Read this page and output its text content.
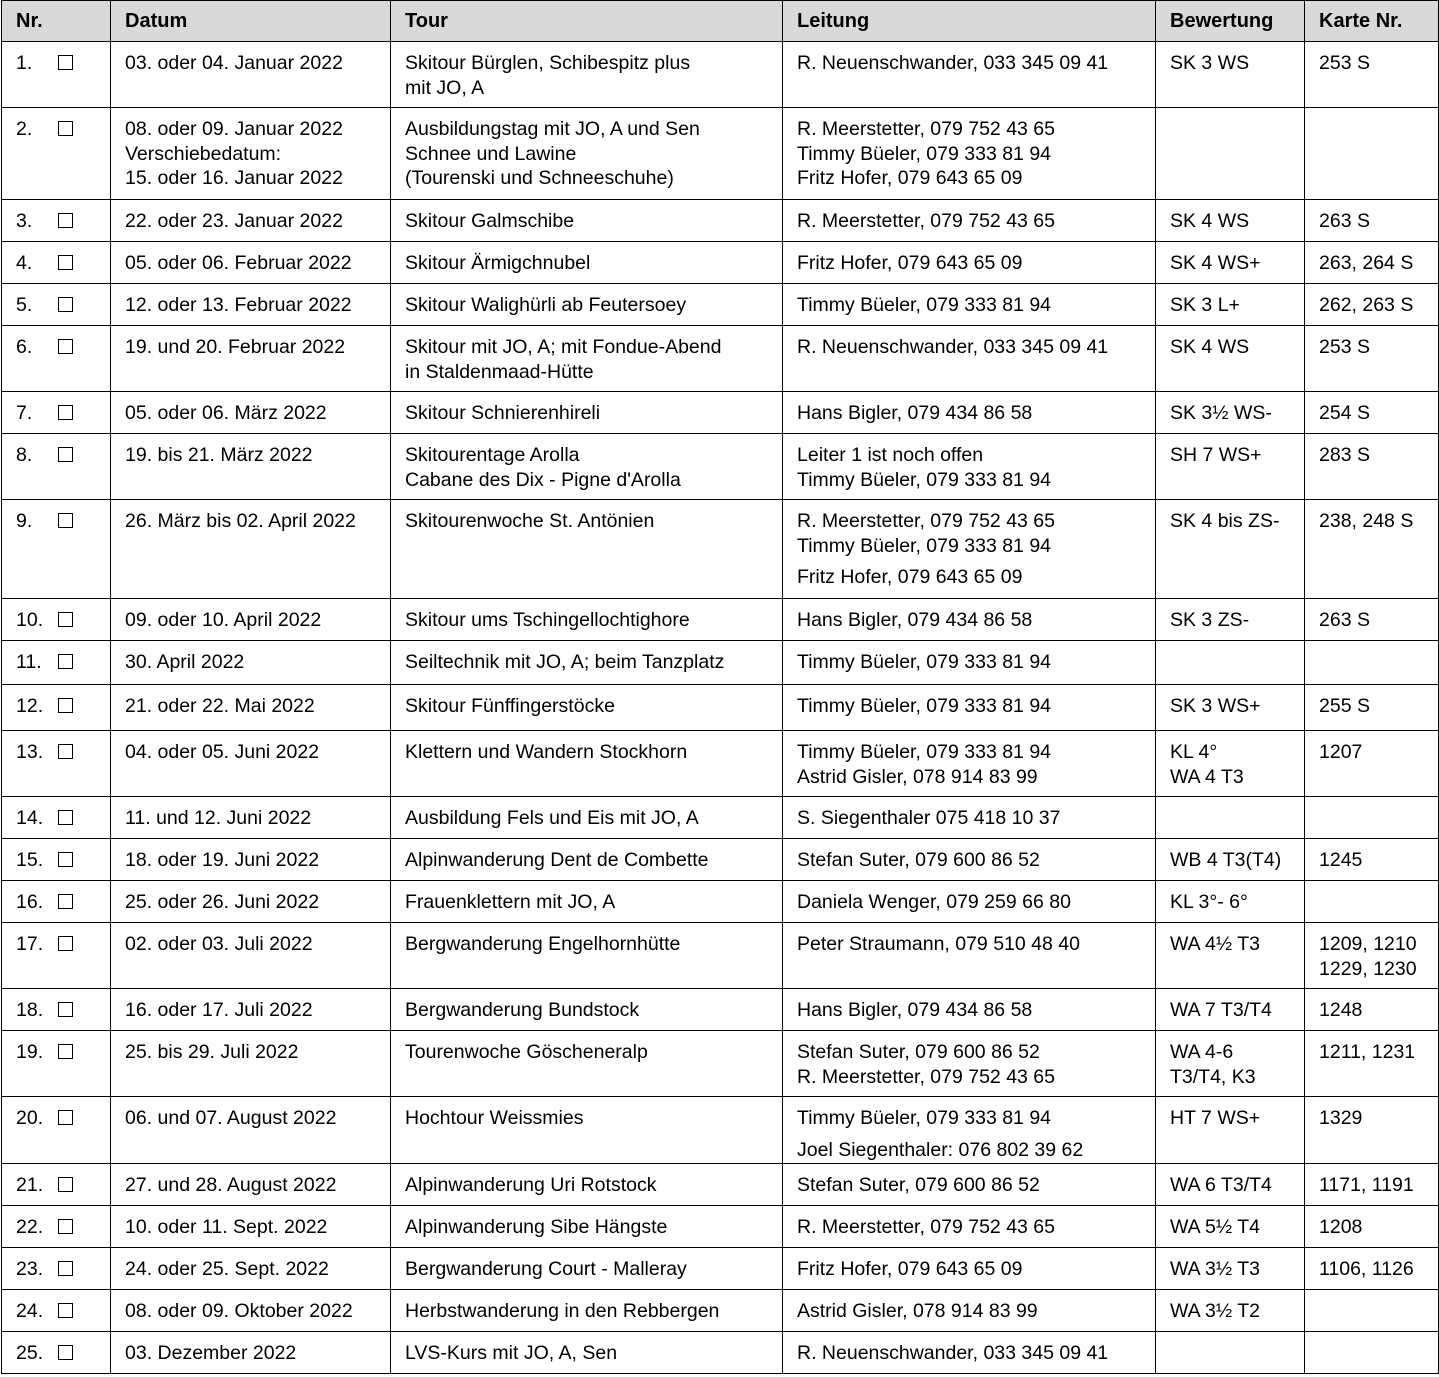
Nr.	Datum	Tour	Leitung	Bewertung	Karte Nr.
1.	03. oder 04. Januar 2022	Skitour Bürglen, Schibespitz plus
mit JO, A	R. Neuenschwander, 033 345 09 41	SK 3 WS	253 S

2.	08. oder 09. Januar 2022
Verschiebedatum:
15. oder 16. Januar 2022	Ausbildungstag mit JO, A und Sen
Schnee und Lawine
(Tourenski und Schneeschuhe)	R. Meerstetter, 079 752 43 65
Timmy Büeler, 079 333 81 94
Fritz Hofer, 079 643 65 09		

3.	22. oder 23. Januar 2022	Skitour Galmschibe	R. Meerstetter, 079 752 43 65	SK 4 WS	263 S

4.	05. oder 06. Februar 2022	Skitour Ärmigchnubel	Fritz Hofer, 079 643 65 09	SK 4 WS+	263, 264 S

5.	12. oder 13. Februar 2022	Skitour Walighürli ab Feutersoey	Timmy Büeler, 079 333 81 94	SK 3 L+	262, 263 S

6.	19. und 20. Februar 2022	Skitour mit JO, A; mit Fondue-Abend
in Staldenmaad-Hütte	R. Neuenschwander, 033 345 09 41	SK 4 WS	253 S

7.	05. oder 06. März 2022	Skitour Schnierenhireli	Hans Bigler, 079 434 86 58	SK 3½ WS-	254 S

8.	19. bis 21. März 2022	Skitourentage Arolla
Cabane des Dix - Pigne d'Arolla	Leiter 1 ist noch offen
Timmy Büeler, 079 333 81 94	SH 7 WS+	283 S

9.	26. März bis 02. April 2022	Skitourenwoche St. Antönien	R. Meerstetter, 079 752 43 65
Timmy Büeler, 079 333 81 94
Fritz Hofer, 079 643 65 09	SK 4 bis ZS-	238, 248 S

10.	09. oder 10. April 2022	Skitour ums Tschingellochtighore	Hans Bigler, 079 434 86 58	SK 3 ZS-	263 S

11.	30. April 2022	Seiltechnik mit JO, A; beim Tanzplatz	Timmy Büeler, 079 333 81 94		

12.	21. oder 22. Mai 2022	Skitour Fünffingerstöcke	Timmy Büeler, 079 333 81 94	SK 3 WS+	255 S

13.	04. oder 05. Juni 2022	Klettern und Wandern Stockhorn	Timmy Büeler, 079 333 81 94
Astrid Gisler, 078 914 83 99	KL 4°
WA 4 T3	1207

14.	11. und 12. Juni 2022	Ausbildung Fels und Eis mit JO, A	S. Siegenthaler 075 418 10 37		

15.	18. oder 19. Juni 2022	Alpinwanderung Dent de Combette	Stefan Suter, 079 600 86 52	WB 4 T3(T4)	1245

16.	25. oder 26. Juni 2022	Frauenklettern mit JO, A	Daniela Wenger, 079 259 66 80	KL 3°- 6°	

17.	02. oder 03. Juli 2022	Bergwanderung Engelhornhütte	Peter Straumann, 079 510 48 40	WA 4½ T3	1209, 1210
1229, 1230

18.	16. oder 17. Juli 2022	Bergwanderung Bundstock	Hans Bigler, 079 434 86 58	WA 7 T3/T4	1248

19.	25. bis 29. Juli 2022	Tourenwoche Göscheneralp	Stefan Suter, 079 600 86 52
R. Meerstetter, 079 752 43 65	WA 4-6
T3/T4, K3	1211, 1231

20.	06. und 07. August 2022	Hochtour Weissmies	Timmy Büeler, 079 333 81 94
Joel Siegenthaler: 076 802 39 62	HT 7 WS+	1329

21.	27. und 28. August 2022	Alpinwanderung Uri Rotstock	Stefan Suter, 079 600 86 52	WA 6 T3/T4	1171, 1191

22.	10. oder 11. Sept. 2022	Alpinwanderung Sibe Hängste	R. Meerstetter, 079 752 43 65	WA 5½ T4	1208

23.	24. oder 25. Sept. 2022	Bergwanderung Court - Malleray	Fritz Hofer, 079 643 65 09	WA 3½ T3	1106, 1126

24.	08. oder 09. Oktober 2022	Herbstwanderung in den Rebbergen	Astrid Gisler, 078 914 83 99	WA 3½ T2	

25.	03. Dezember 2022	LVS-Kurs mit JO, A, Sen	R. Neuenschwander, 033 345 09 41		
